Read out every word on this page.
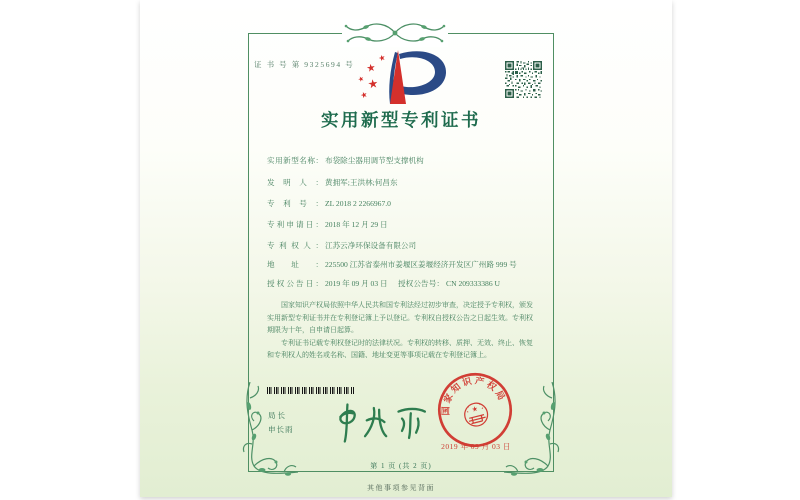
证 书 号 第 9325694 号
实用新型专利证书
实用新型名称： 布袋除尘器用调节型支撑机构
发明人： 黄拥军;王洪林;何昌东
专利号： ZL 2018 2 2266967.0
专利申请日： 2018 年 12 月 29 日
专利权人： 江苏云净环保设备有限公司
地址： 225500 江苏省泰州市姜堰区姜堰经济开发区广州路 999 号
授权公告日： 2019 年 09 月 03 日 授权公告号： CN 209333386 U

国家知识产权局依照中华人民共和国专利法经过初步审查，决定授予专利权，颁发实用新型专利证书并在专利登记簿上予以登记。专利权自授权公告之日起生效。专利权期限为十年，自申请日起算。

专利证书记载专利权登记时的法律状况。专利权的转移、质押、无效、终止、恢复和专利权人的姓名或名称、国籍、地址变更等事项记载在专利登记簿上。

局长
申长雨
国家知识产权局
2019 年 09 月 03 日
第 1 页 (共 2 页)
其他事项参见背面
